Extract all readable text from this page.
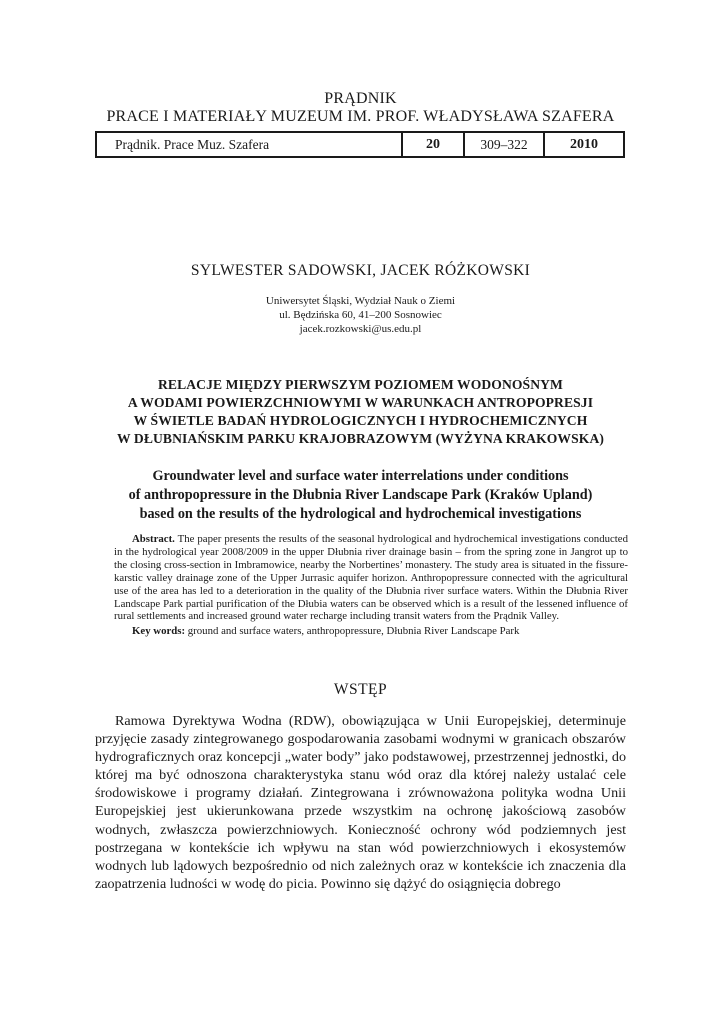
PRĄDNIK
PRACE I MATERIAŁY MUZEUM IM. PROF. WŁADYSŁAWA SZAFERA
Prądnik. Prace Muz. Szafera	20	309–322	2010
SYLWESTER SADOWSKI, JACEK RÓŻKOWSKI
Uniwersytet Śląski, Wydział Nauk o Ziemi
ul. Będzińska 60, 41–200 Sosnowiec
jacek.rozkowski@us.edu.pl
RELACJE MIĘDZY PIERWSZYM POZIOMEM WODONOŚNYM
A WODAMI POWIERZCHNIOWYMI W WARUNKACH ANTROPOPRESJI
W ŚWIETLE BADAŃ HYDROLOGICZNYCH I HYDROCHEMICZNYCH
W DŁUBNIAŃSKIM PARKU KRAJOBRAZOWYM (WYŻYNA KRAKOWSKA)
Groundwater level and surface water interrelations under conditions
of anthropopressure in the Dłubnia River Landscape Park (Kraków Upland)
based on the results of the hydrological and hydrochemical investigations

Abstract. The paper presents the results of the seasonal hydrological and hydrochemical investigations conducted in the hydrological year 2008/2009 in the upper Dłubnia river drainage basin – from the spring zone in Jangrot up to the closing cross-section in Imbramowice, nearby the Norbertines’ monastery. The study area is situated in the fissure-karstic valley drainage zone of the Upper Jurrasic aquifer horizon. Anthropopressure connected with the agricultural use of the area has led to a deterioration in the quality of the Dłubnia river surface waters. Within the Dłubnia River Landscape Park partial purification of the Dłubia waters can be observed which is a result of the lessened influence of rural settlements and increased ground water recharge including transit waters from the Prądnik Valley.

Key words: ground and surface waters, anthropopressure, Dłubnia River Landscape Park

WSTĘP

Ramowa Dyrektywa Wodna (RDW), obowiązująca w Unii Europejskiej, determinuje przyjęcie zasady zintegrowanego gospodarowania zasobami wodnymi w granicach obszarów hydrograficznych oraz koncepcji „water body” jako podstawowej, przestrzennej jednostki, do której ma być odnoszona charakterystyka stanu wód oraz dla której należy ustalać cele środowiskowe i programy działań. Zintegrowana i zrównoważona polityka wodna Unii Europejskiej jest ukierunkowana przede wszystkim na ochronę jakościową zasobów wodnych, zwłaszcza powierzchniowych. Konieczność ochrony wód podziemnych jest postrzegana w kontekście ich wpływu na stan wód powierzchniowych i ekosystemów wodnych lub lądowych bezpośrednio od nich zależnych oraz w kontekście ich znaczenia dla zaopatrzenia ludności w wodę do picia. Powinno się dążyć do osiągnięcia dobrego
